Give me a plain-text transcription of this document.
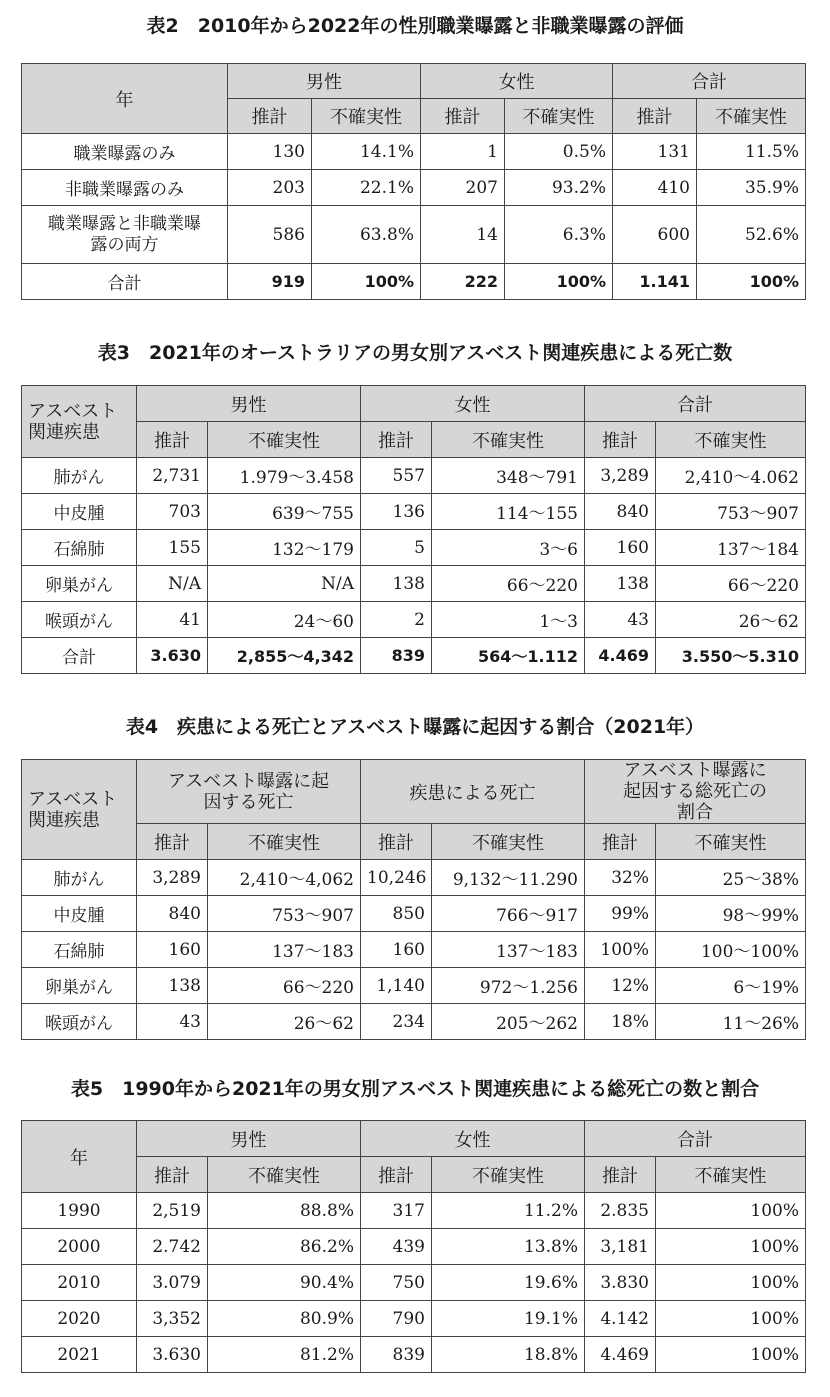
表2　2010年から2022年の性別職業曝露と非職業曝露の評価
年	男性		女性		合計	
	推計	不確実性	推計	不確実性	推計	不確実性
職業曝露のみ	130	14.1%	1	0.5%	131	11.5%
非職業曝露のみ	203	22.1%	207	93.2%	410	35.9%
職業曝露と非職業曝露の両方	586	63.8%	14	6.3%	600	52.6%
合計	919	100%	222	100%	1.141	100%
表3　2021年のオーストラリアの男女別アスベスト関連疾患による死亡数
アスベスト関連疾患	男性		女性		合計	
	推計	不確実性	推計	不確実性	推計	不確実性
肺がん	2,731	1.979～3.458	557	348～791	3,289	2,410～4.062
中皮腫	703	639～755	136	114～155	840	753～907
石綿肺	155	132～179	5	3～6	160	137～184
卵巣がん	N/A	N/A	138	66～220	138	66～220
喉頭がん	41	24～60	2	1～3	43	26～62
合計	3.630	2,855～4,342	839	564～1.112	4.469	3.550～5.310
表4　疾患による死亡とアスベスト曝露に起因する割合（2021年）
アスベスト関連疾患	アスベスト曝露に起因する死亡		疾患による死亡		アスベスト曝露に起因する総死亡の割合	
	推計	不確実性	推計	不確実性	推計	不確実性
肺がん	3,289	2,410～4,062	10,246	9,132～11.290	32%	25～38%
中皮腫	840	753～907	850	766～917	99%	98～99%
石綿肺	160	137～183	160	137～183	100%	100～100%
卵巣がん	138	66～220	1,140	972～1.256	12%	6～19%
喉頭がん	43	26～62	234	205～262	18%	11～26%
表5　1990年から2021年の男女別アスベスト関連疾患による総死亡の数と割合
年	男性		女性		合計	
	推計	不確実性	推計	不確実性	推計	不確実性
1990	2,519	88.8%	317	11.2%	2.835	100%
2000	2.742	86.2%	439	13.8%	3,181	100%
2010	3.079	90.4%	750	19.6%	3.830	100%
2020	3,352	80.9%	790	19.1%	4.142	100%
2021	3.630	81.2%	839	18.8%	4.469	100%
